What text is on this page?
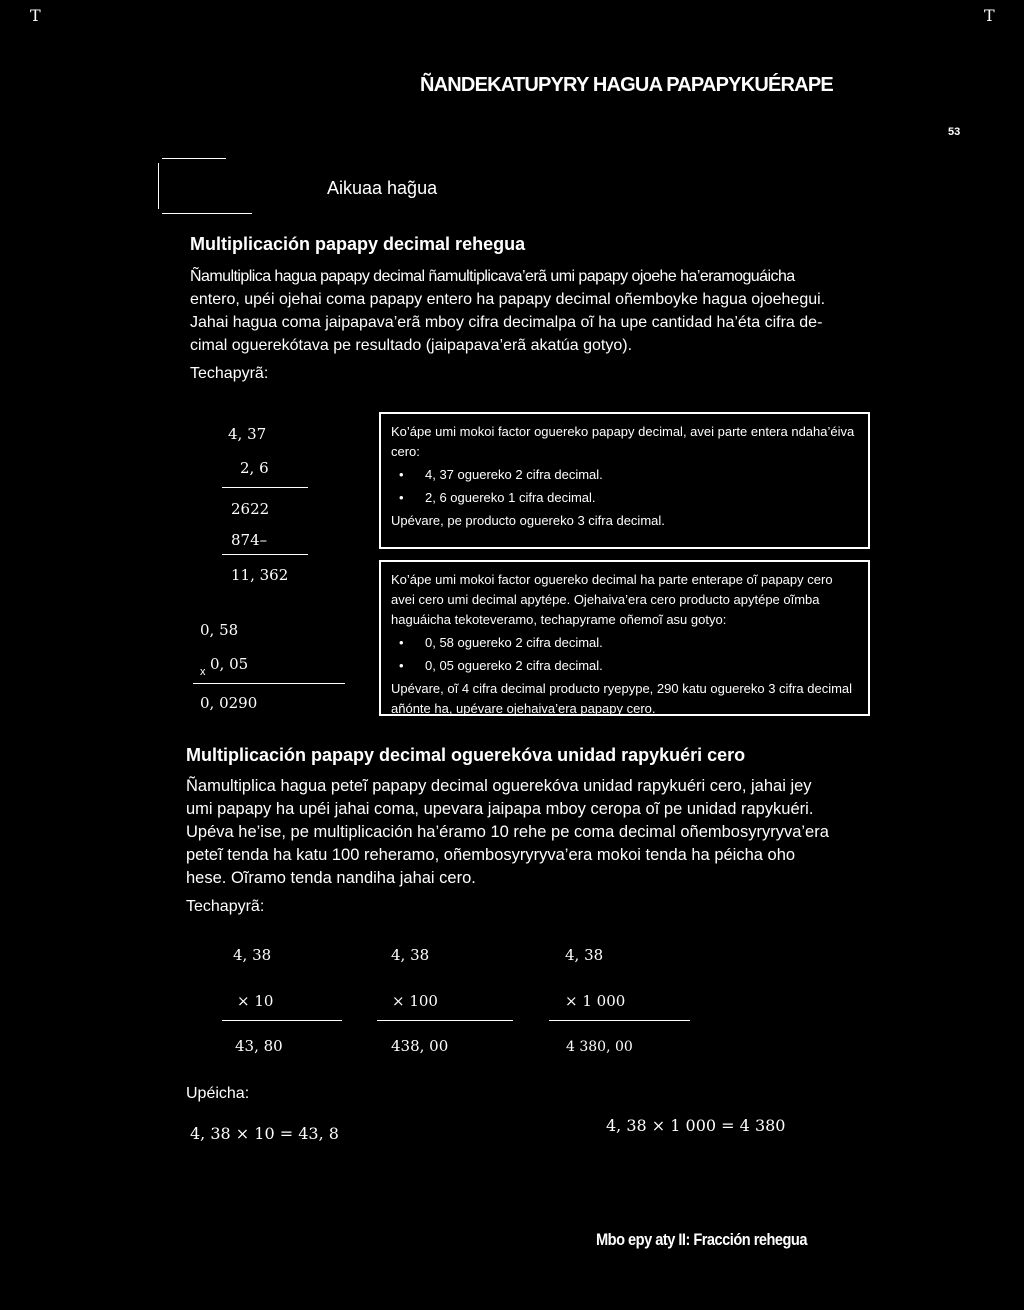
T	T
ÑANDEKATUPYRY HAGUA PAPAPYKUÉRAPE
53
Aikuaa hag̃ua
Multiplicación papapy decimal rehegua

Ñamultiplica hagua papapy decimal ñamultiplicava’erã umi papapy ojoehe ha’eramoguáicha

entero, upéi ojehai coma papapy entero ha papapy decimal oñemboyke hagua ojoehegui.

Jahai hagua coma jaipapava’erã mboy cifra decimalpa oĩ ha upe cantidad ha’éta cifra de-

cimal oguerekótava pe resultado (jaipapava’erã akatúa gotyo).

Techapyrã:
4, 37
2, 6
2622
874–
11, 362
0, 58
x 0, 05
0, 0290

Ko’ápe umi mokoi factor oguereko papapy decimal, avei parte entera ndaha’éiva cero:

•	4, 37 oguereko 2 cifra decimal.
•	2, 6 oguereko 1 cifra decimal.

Upévare, pe producto oguereko 3 cifra decimal.

Ko’ápe umi mokoi factor oguereko decimal ha parte enterape oĩ papapy cero avei cero umi decimal apytépe. Ojehaiva’era cero producto apytépe oĩmba haguáicha tekoteveramo, techapyrame oñemoĩ asu gotyo:

•	0, 58 oguereko 2 cifra decimal.
•	0, 05 oguereko 2 cifra decimal.

Upévare, oĩ 4 cifra decimal producto ryepype, 290 katu oguereko 3 cifra decimal añónte ha, upévare ojehaiva’era papapy cero.

Multiplicación papapy decimal oguerekóva unidad rapykuéri cero

Ñamultiplica hagua peteĩ papapy decimal oguerekóva unidad rapykuéri cero, jahai jey

umi papapy ha upéi jahai coma, upevara jaipapa mboy ceropa oĩ pe unidad rapykuéri.

Upéva he’ise, pe multiplicación ha’éramo 10 rehe pe coma decimal oñembosyryryva’era

peteĩ tenda ha katu 100 reheramo, oñembosyryryva’era mokoi tenda ha péicha oho

hese. Oĩramo tenda nandiha jahai cero.

Techapyrã:
4, 38
× 10
43, 80
4, 38
× 100
438, 00
4, 38
× 1 000
4 380, 00
Upéicha:
4, 38 × 10 = 43, 8	4, 38 × 1 000 = 4 380
Mbo epy aty II: Fracción rehegua
